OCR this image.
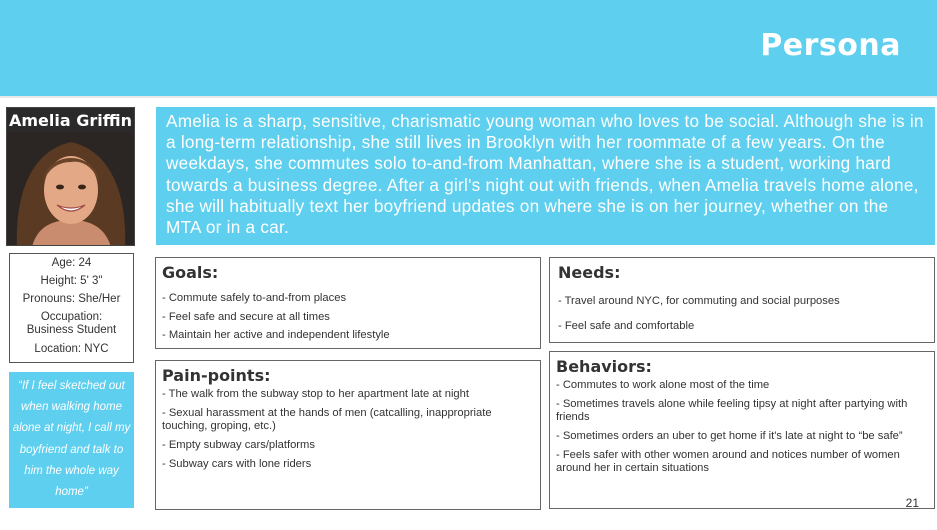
Persona
Amelia Griffin Amelia is a sharp, sensitive, charismatic young woman who loves to be social. Although she is in a long-term relationship, she still lives in Brooklyn with her roommate of a few years. On the weekdays, she commutes solo to-and-from Manhattan, where she is a student, working hard towards a business degree. After a girl's night out with friends, when Amelia travels home alone, she will habitually text her boyfriend updates on where she is on her journey, whether on the MTA or in a car.
Age: 24
Height: 5' 3"
Pronouns: She/Her
Occupation:
Business Student
Location: NYC
“If I feel sketched out when walking home alone at night, I call my boyfriend and talk to him the whole way home”
Goals:
- Commute safely to-and-from places
- Feel safe and secure at all times
- Maintain her active and independent lifestyle
Needs:
- Travel around NYC, for commuting and social purposes
- Feel safe and comfortable
Pain-points:
- The walk from the subway stop to her apartment late at night
- Sexual harassment at the hands of men (catcalling, inappropriate touching, groping, etc.)
- Empty subway cars/platforms
- Subway cars with lone riders
Behaviors:
- Commutes to work alone most of the time
- Sometimes travels alone while feeling tipsy at night after partying with friends
- Sometimes orders an uber to get home if it's late at night to “be safe”
- Feels safer with other women around and notices number of women around her in certain situations
21
